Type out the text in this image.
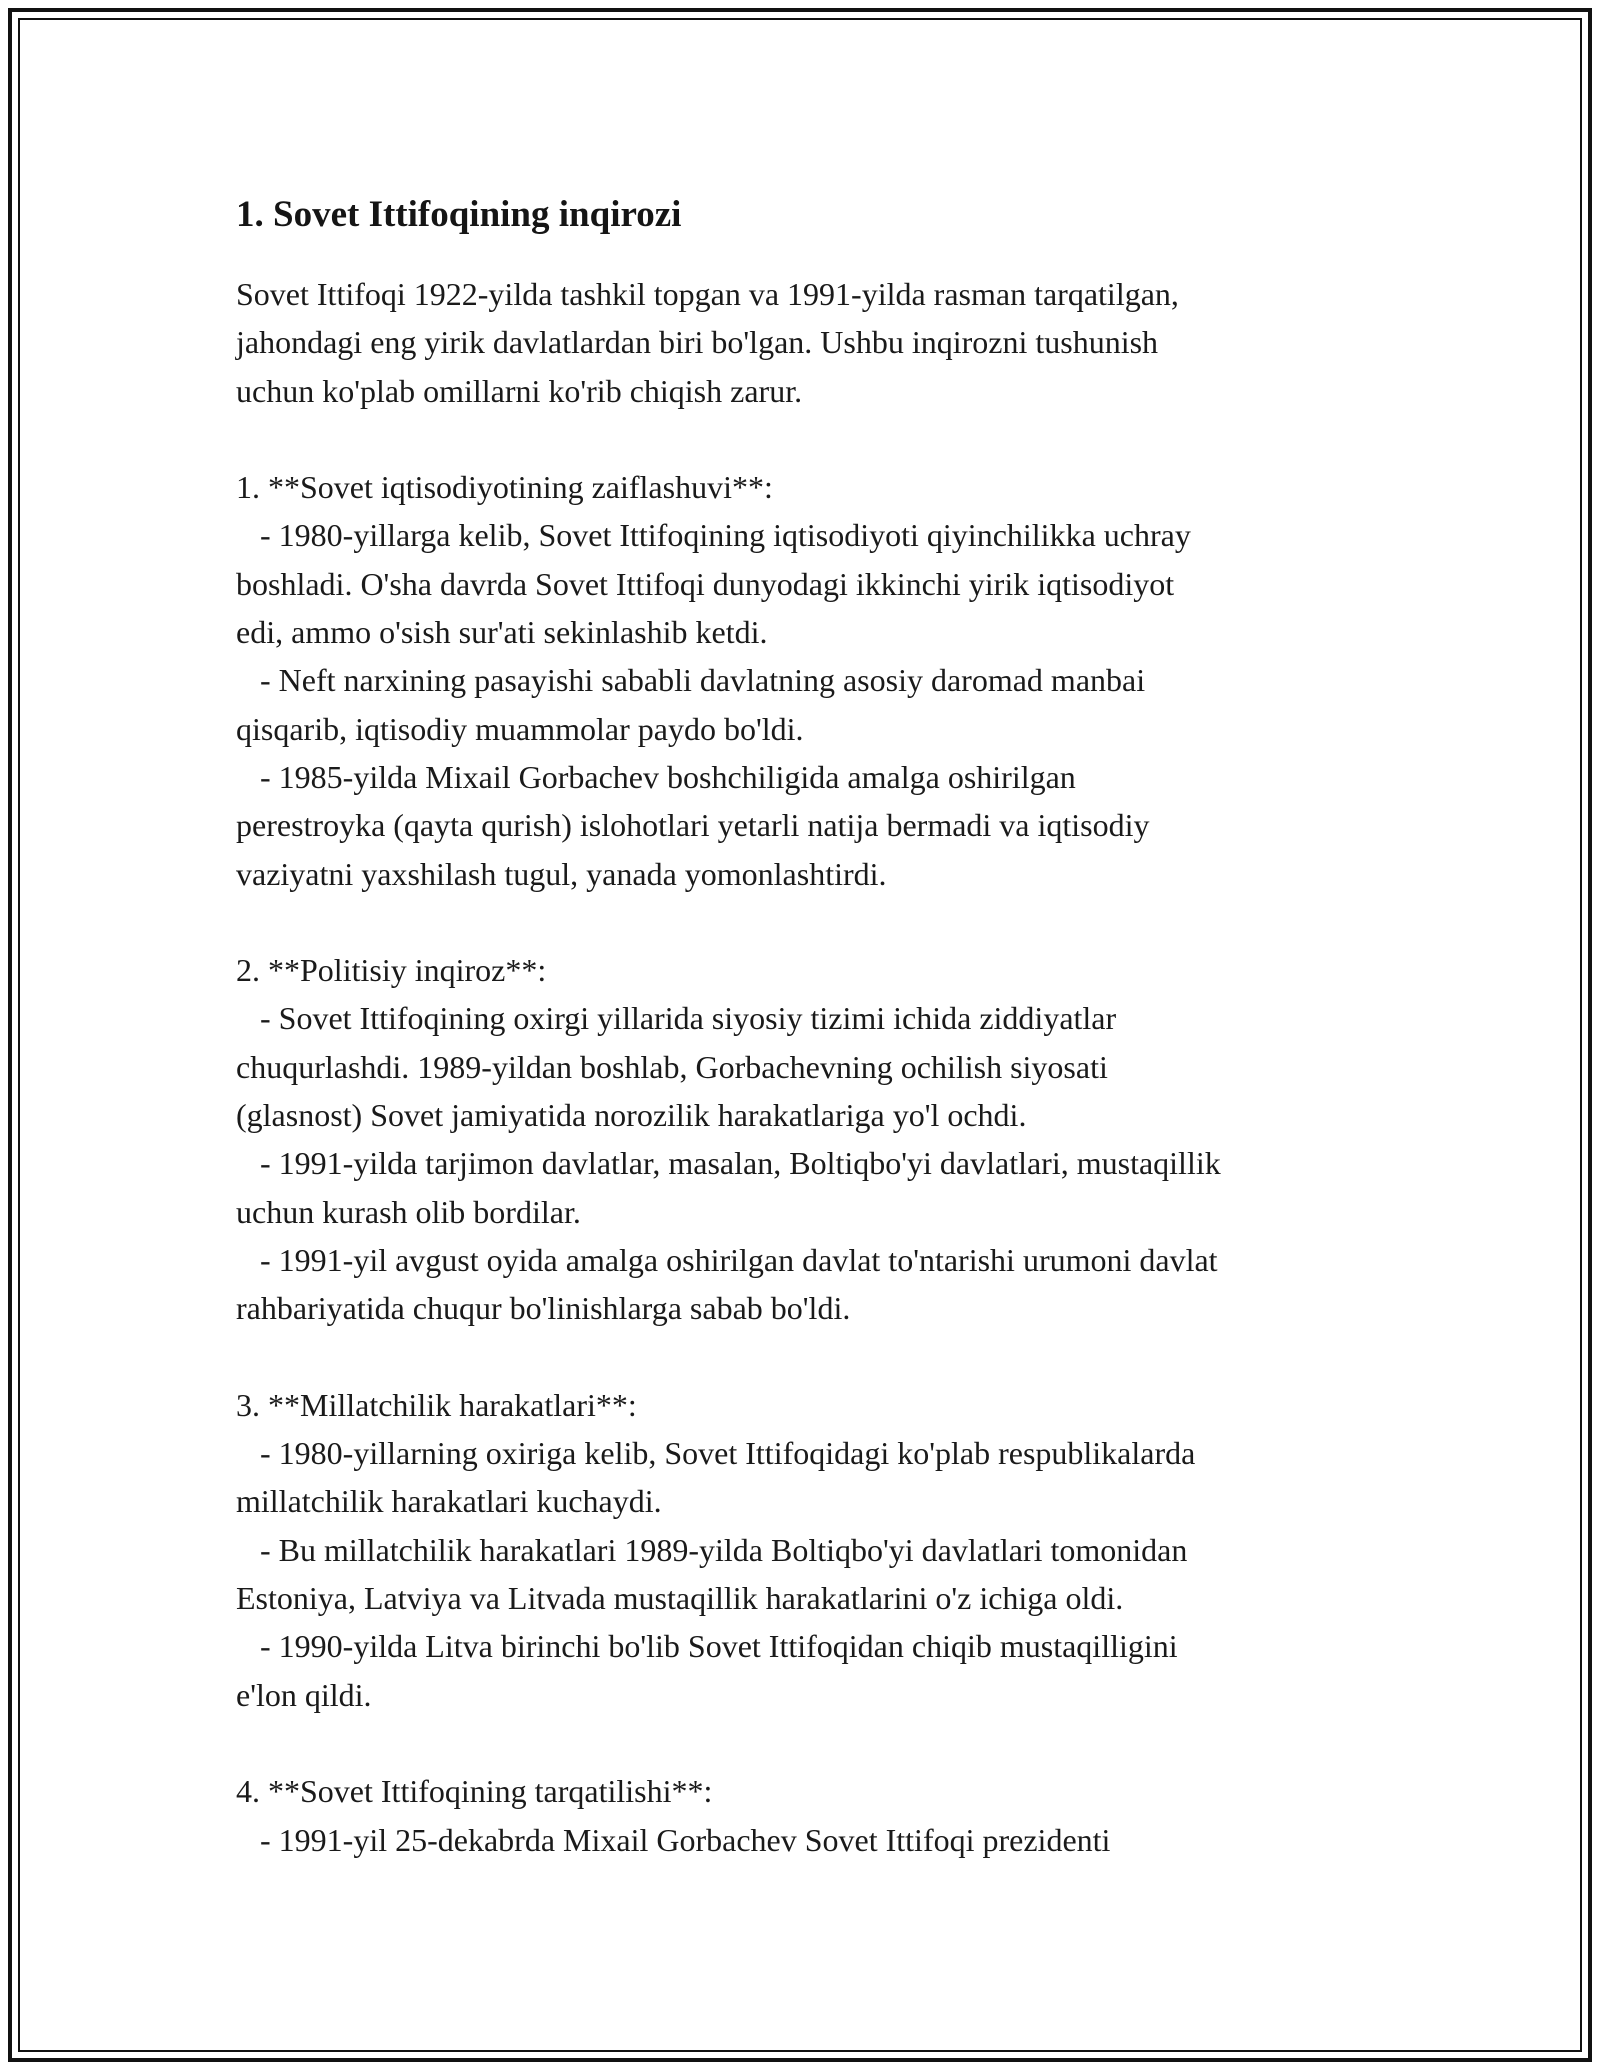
1. Sovet Ittifoqining inqirozi

Sovet Ittifoqi 1922-yilda tashkil topgan va 1991-yilda rasman tarqatilgan,
jahondagi eng yirik davlatlardan biri bo'lgan. Ushbu inqirozni tushunish
uchun ko'plab omillarni ko'rib chiqish zarur.

1. **Sovet iqtisodiyotining zaiflashuvi**:
- 1980-yillarga kelib, Sovet Ittifoqining iqtisodiyoti qiyinchilikka uchray
boshladi. O'sha davrda Sovet Ittifoqi dunyodagi ikkinchi yirik iqtisodiyot
edi, ammo o'sish sur'ati sekinlashib ketdi.
- Neft narxining pasayishi sababli davlatning asosiy daromad manbai
qisqarib, iqtisodiy muammolar paydo bo'ldi.
- 1985-yilda Mixail Gorbachev boshchiligida amalga oshirilgan
perestroyka (qayta qurish) islohotlari yetarli natija bermadi va iqtisodiy
vaziyatni yaxshilash tugul, yanada yomonlashtirdi.

2. **Politisiy inqiroz**:
- Sovet Ittifoqining oxirgi yillarida siyosiy tizimi ichida ziddiyatlar
chuqurlashdi. 1989-yildan boshlab, Gorbachevning ochilish siyosati
(glasnost) Sovet jamiyatida norozilik harakatlariga yo'l ochdi.
- 1991-yilda tarjimon davlatlar, masalan, Boltiqbo'yi davlatlari, mustaqillik
uchun kurash olib bordilar.
- 1991-yil avgust oyida amalga oshirilgan davlat to'ntarishi urumoni davlat
rahbariyatida chuqur bo'linishlarga sabab bo'ldi.

3. **Millatchilik harakatlari**:
- 1980-yillarning oxiriga kelib, Sovet Ittifoqidagi ko'plab respublikalarda
millatchilik harakatlari kuchaydi.
- Bu millatchilik harakatlari 1989-yilda Boltiqbo'yi davlatlari tomonidan
Estoniya, Latviya va Litvada mustaqillik harakatlarini o'z ichiga oldi.
- 1990-yilda Litva birinchi bo'lib Sovet Ittifoqidan chiqib mustaqilligini
e'lon qildi.

4. **Sovet Ittifoqining tarqatilishi**:
- 1991-yil 25-dekabrda Mixail Gorbachev Sovet Ittifoqi prezidenti
